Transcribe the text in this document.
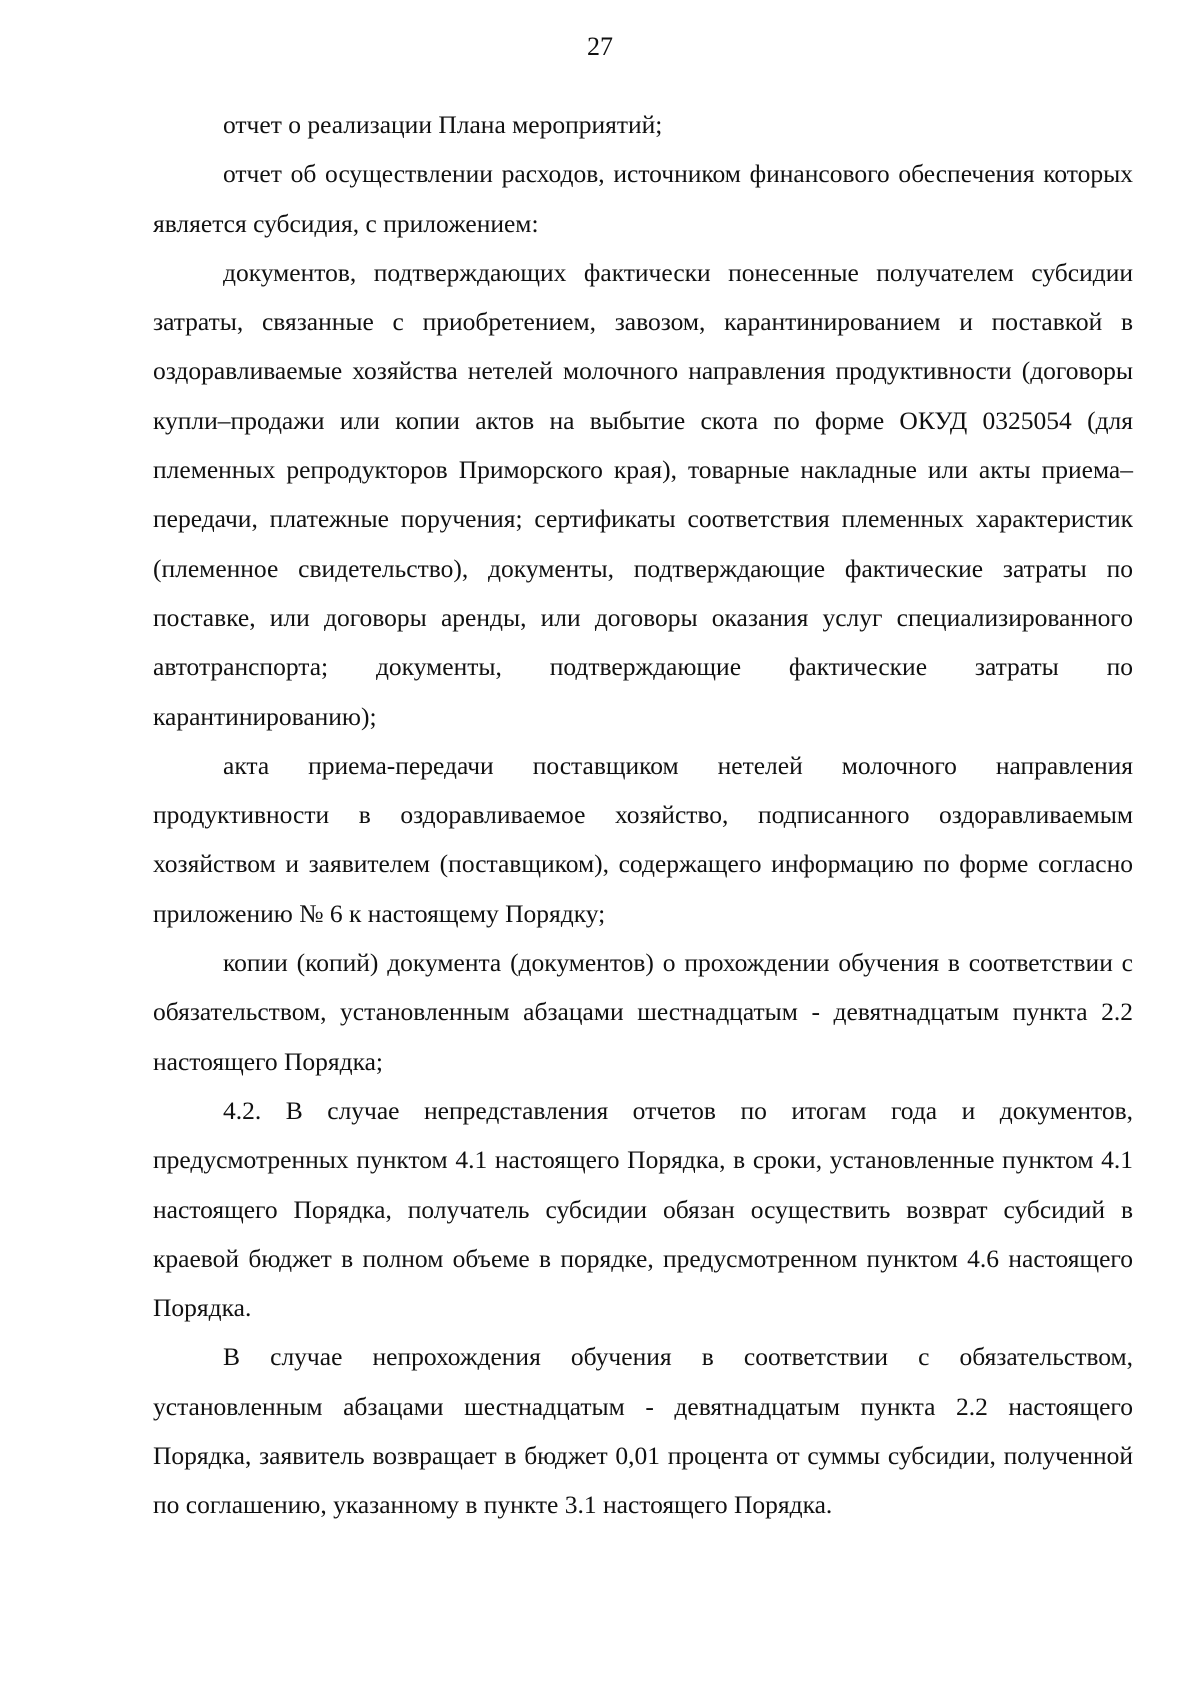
27

отчет о реализации Плана мероприятий;

отчет об осуществлении расходов, источником финансового обеспечения которых является субсидия, с приложением:

документов, подтверждающих фактически понесенные получателем субсидии затраты, связанные с приобретением, завозом, карантинированием и поставкой в оздоравливаемые хозяйства нетелей молочного направления продуктивности (договоры купли–продажи или копии актов на выбытие скота по форме ОКУД 0325054 (для племенных репродукторов Приморского края), товарные накладные или акты приема–передачи, платежные поручения; сертификаты соответствия племенных характеристик (племенное свидетельство), документы, подтверждающие фактические затраты по поставке, или договоры аренды, или договоры оказания услуг специализированного автотранспорта; документы, подтверждающие фактические затраты по карантинированию);

акта приема-передачи поставщиком нетелей молочного направления продуктивности в оздоравливаемое хозяйство, подписанного оздоравливаемым хозяйством и заявителем (поставщиком), содержащего информацию по форме согласно приложению № 6 к настоящему Порядку;

копии (копий) документа (документов) о прохождении обучения в соответствии с обязательством, установленным абзацами шестнадцатым - девятнадцатым пункта 2.2 настоящего Порядка;

4.2. В случае непредставления отчетов по итогам года и документов, предусмотренных пунктом 4.1 настоящего Порядка, в сроки, установленные пунктом 4.1 настоящего Порядка, получатель субсидии обязан осуществить возврат субсидий в краевой бюджет в полном объеме в порядке, предусмотренном пунктом 4.6 настоящего Порядка.

В случае непрохождения обучения в соответствии с обязательством, установленным абзацами шестнадцатым - девятнадцатым пункта 2.2 настоящего Порядка, заявитель возвращает в бюджет 0,01 процента от суммы субсидии, полученной по соглашению, указанному в пункте 3.1 настоящего Порядка.
